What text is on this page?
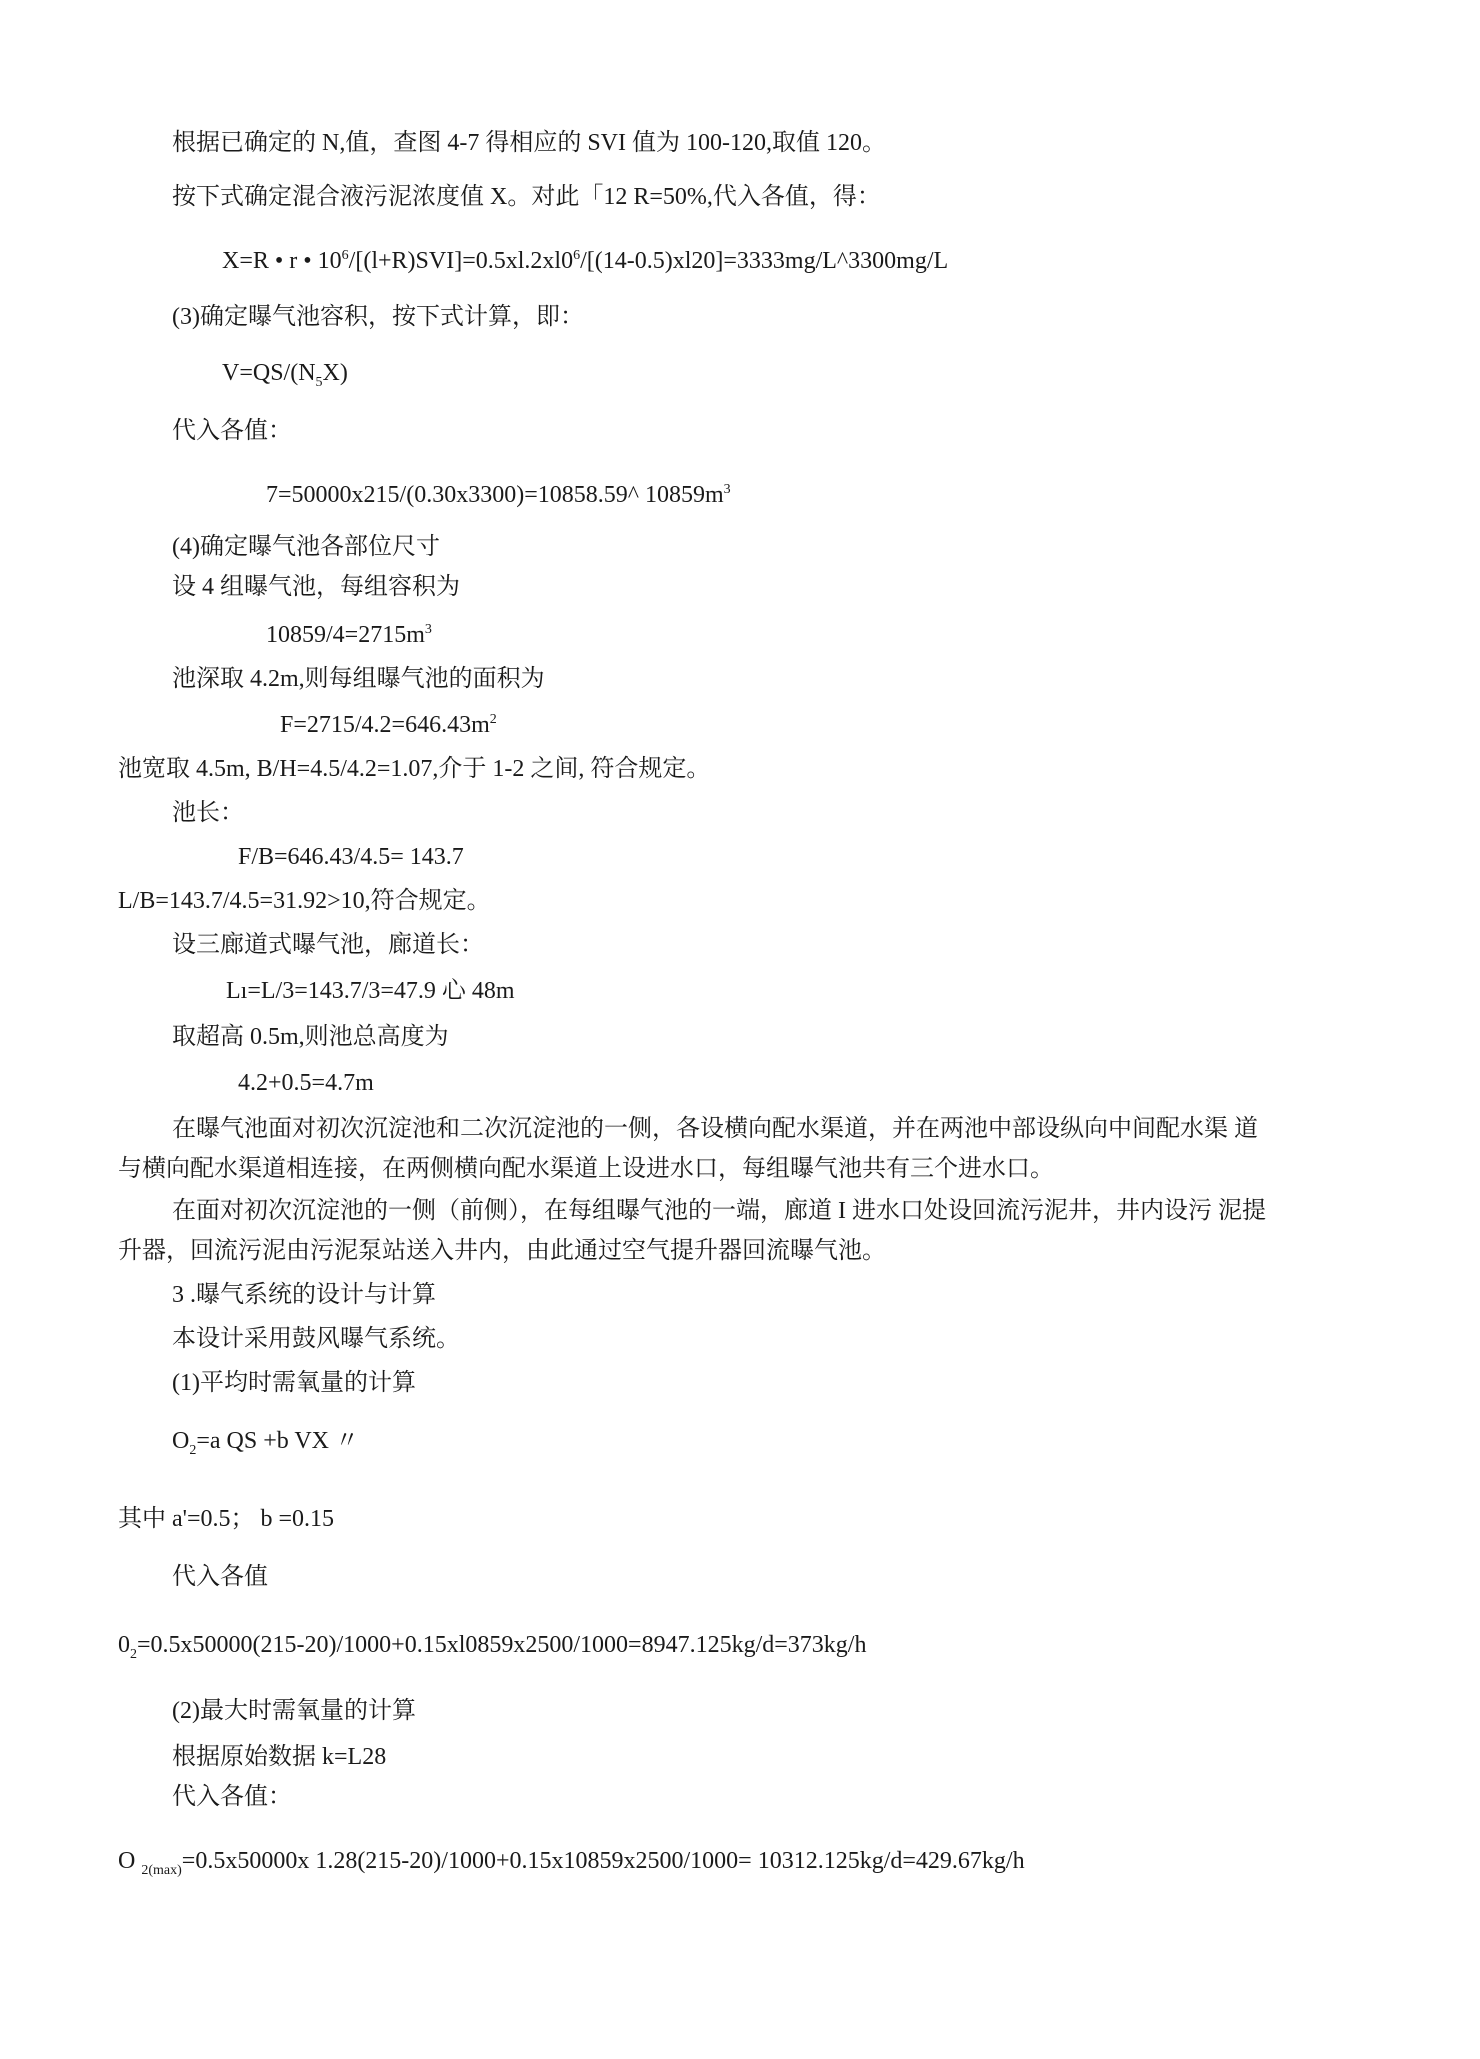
根据已确定的 N,值，查图 4-7 得相应的 SVI 值为 100-120,取值 120。
按下式确定混合液污泥浓度值 X。对此「12 R=50%,代入各值，得：
X=R • r • $10^6/[(l+R)SVI]=0.5xl.2xl0^6/[(14-0.5)xl20]=3333mg/L\^{}3300mg/L$
(3)确定曝气池容积，按下式计算，即：
$V=QS/(N_5X)$
代入各值：
7=50000x215/(0.30x3300)=10858.59^ $10859m^3$
(4)确定曝气池各部位尺寸
设 4 组曝气池，每组容积为
$10859/4=2715m^3$
池深取 4.2m,则每组曝气池的面积为
$F=2715/4.2=646.43m^2$
池宽取 4.5m, B/H=4.5/4.2=1.07,介于 1-2 之间, 符合规定。
池长：
F/B=646.43/4.5= 143.7
L/B=143.7/4.5=31.92>10,符合规定。
设三廊道式曝气池，廊道长：
Lı=L/3=143.7/3=47.9 心 48m
取超高 0.5m,则池总高度为
4.2+0.5=4.7m
在曝气池面对初次沉淀池和二次沉淀池的一侧，各设横向配水渠道，并在两池中部设纵向中间配水渠 道
与横向配水渠道相连接，在两侧横向配水渠道上设进水口，每组曝气池共有三个进水口。
在面对初次沉淀池的一侧（前侧），在每组曝气池的一端，廊道 I 进水口处设回流污泥井，井内设污 泥提
升器，回流污泥由污泥泵站送入井内，由此通过空气提升器回流曝气池。
3 .曝气系统的设计与计算
本设计采用鼓风曝气系统。
(1)平均时需氧量的计算
$O_2=a$ QS +b VX 〃
其中 a'=0.5； b =0.15
代入各值
$0_2=0.5x50000(215-20)/1000+0.15xl0859x2500/1000=8947.125kg/d=373kg/h$
(2)最大时需氧量的计算
根据原始数据 k=L28
代入各值：
O $_{2(max)}$=0.5x50000x 1.28(215-20)/1000+0.15x10859x2500/1000= 10312.125kg/d=429.67kg/h
